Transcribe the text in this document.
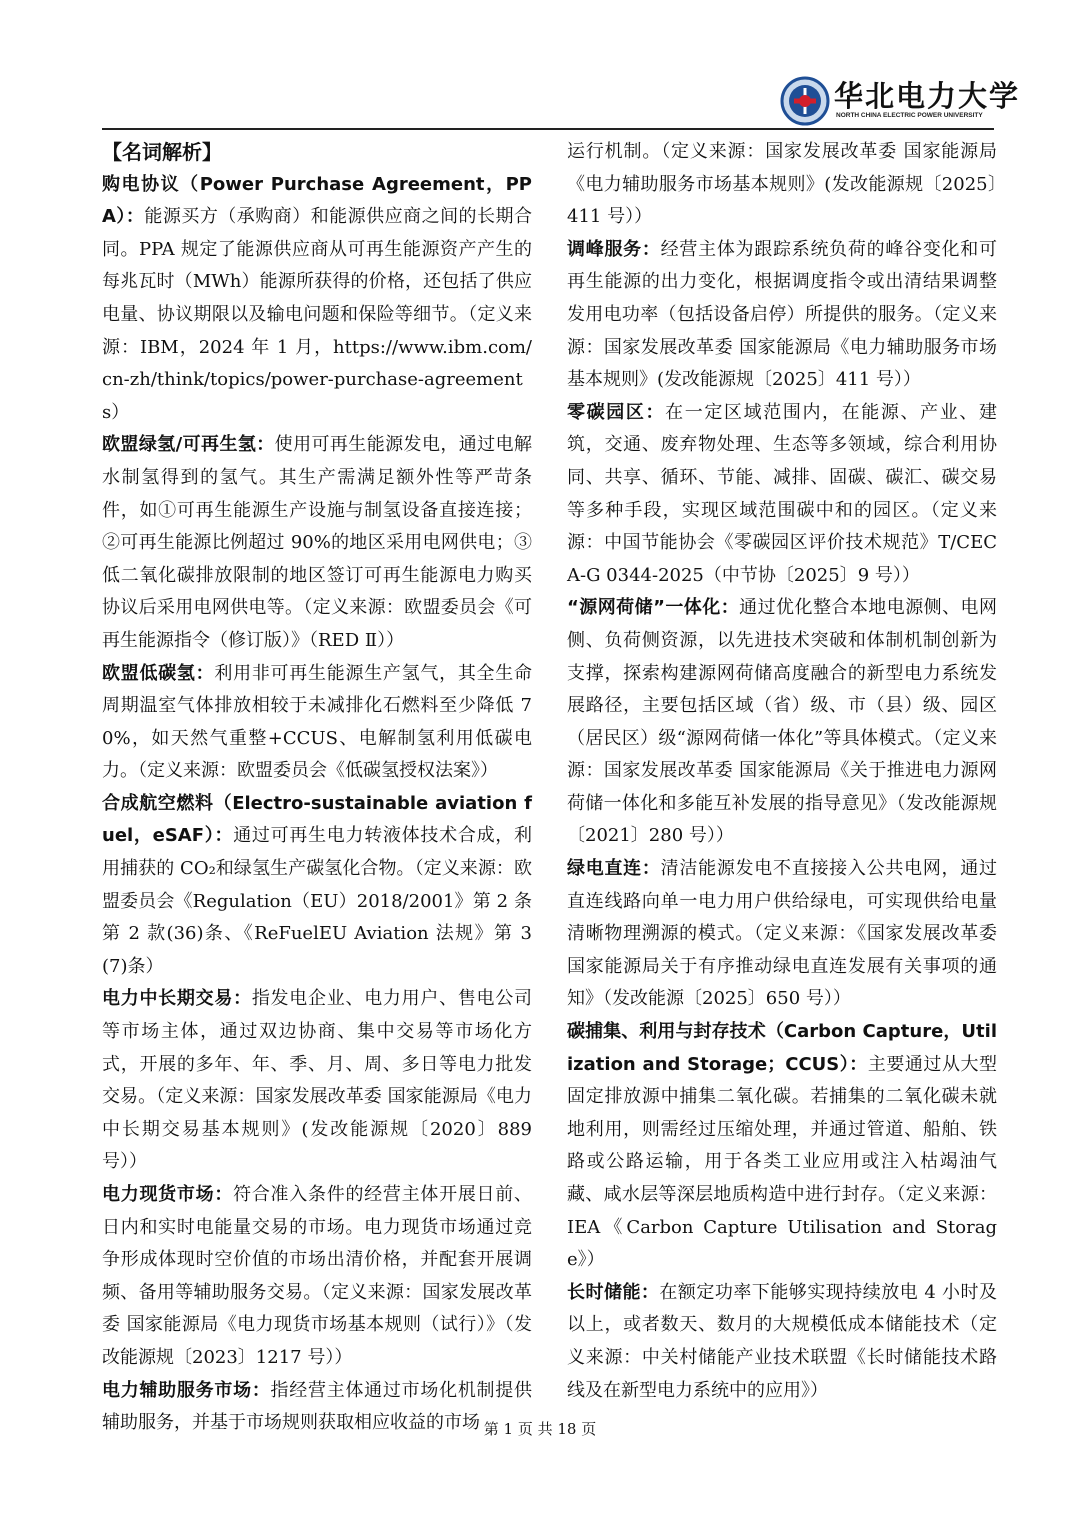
华北电力大学
NORTH CHINA ELECTRIC POWER UNIVERSITY
【名词解析】

购电协议（Power Purchase Agreement，PPA）：能源买方（承购商）和能源供应商之间的长期合同。PPA 规定了能源供应商从可再生能源资产产生的每兆瓦时（MWh）能源所获得的价格，还包括了供应电量、协议期限以及输电问题和保险等细节。（定义来源：IBM，2024 年 1 月，https://www.ibm.com/cn-zh/think/topics/power-purchase-agreements）

欧盟绿氢/可再生氢：使用可再生能源发电，通过电解水制氢得到的氢气。其生产需满足额外性等严苛条件，如①可再生能源生产设施与制氢设备直接连接；②可再生能源比例超过 90%的地区采用电网供电；③低二氧化碳排放限制的地区签订可再生能源电力购买协议后采用电网供电等。（定义来源：欧盟委员会《可再生能源指令（修订版）》（RED Ⅱ））

欧盟低碳氢：利用非可再生能源生产氢气，其全生命周期温室气体排放相较于未减排化石燃料至少降低 70%，如天然气重整+CCUS、电解制氢利用低碳电力。（定义来源：欧盟委员会《低碳氢授权法案》）

合成航空燃料（Electro-sustainable aviation fuel，eSAF）：通过可再生电力转液体技术合成，利用捕获的 CO₂和绿氢生产碳氢化合物。（定义来源：欧盟委员会《Regulation（EU）2018/2001》第 2 条第 2 款(36)条、《ReFuelEU Aviation 法规》第 3(7)条）

电力中长期交易：指发电企业、电力用户、售电公司等市场主体，通过双边协商、集中交易等市场化方式，开展的多年、年、季、月、周、多日等电力批发交易。（定义来源：国家发展改革委 国家能源局《电力中长期交易基本规则》(发改能源规〔2020〕889 号））

电力现货市场：符合准入条件的经营主体开展日前、日内和实时电能量交易的市场。电力现货市场通过竞争形成体现时空价值的市场出清价格，并配套开展调频、备用等辅助服务交易。（定义来源：国家发展改革委 国家能源局《电力现货市场基本规则（试行）》（发改能源规〔2023〕1217 号））

电力辅助服务市场：指经营主体通过市场化机制提供辅助服务，并基于市场规则获取相应收益的市场

运行机制。（定义来源：国家发展改革委 国家能源局《电力辅助服务市场基本规则》(发改能源规〔2025〕411 号））

调峰服务：经营主体为跟踪系统负荷的峰谷变化和可再生能源的出力变化，根据调度指令或出清结果调整发用电功率（包括设备启停）所提供的服务。（定义来源：国家发展改革委 国家能源局《电力辅助服务市场基本规则》(发改能源规〔2025〕411 号））

零碳园区：在一定区域范围内，在能源、产业、建筑，交通、废弃物处理、生态等多领域，综合利用协同、共享、循环、节能、减排、固碳、碳汇、碳交易等多种手段，实现区域范围碳中和的园区。（定义来源：中国节能协会《零碳园区评价技术规范》T/CECA-G 0344-2025（中节协〔2025〕9 号））

“源网荷储”一体化：通过优化整合本地电源侧、电网侧、负荷侧资源，以先进技术突破和体制机制创新为支撑，探索构建源网荷储高度融合的新型电力系统发展路径，主要包括区域（省）级、市（县）级、园区（居民区）级“源网荷储一体化”等具体模式。（定义来源：国家发展改革委 国家能源局《关于推进电力源网荷储一体化和多能互补发展的指导意见》（发改能源规〔2021〕280 号））

绿电直连：清洁能源发电不直接接入公共电网，通过直连线路向单一电力用户供给绿电，可实现供给电量清晰物理溯源的模式。（定义来源：《国家发展改革委国家能源局关于有序推动绿电直连发展有关事项的通知》（发改能源〔2025〕650 号））

碳捕集、利用与封存技术（Carbon Capture，Utilization and Storage；CCUS）：主要通过从大型固定排放源中捕集二氧化碳。若捕集的二氧化碳未就地利用，则需经过压缩处理，并通过管道、船舶、铁路或公路运输，用于各类工业应用或注入枯竭油气藏、咸水层等深层地质构造中进行封存。（定义来源：IEA《Carbon Capture Utilisation and Storage》）

长时储能：在额定功率下能够实现持续放电 4 小时及以上，或者数天、数月的大规模低成本储能技术（定义来源：中关村储能产业技术联盟《长时储能技术路线及在新型电力系统中的应用》）

第 1 页 共 18 页
